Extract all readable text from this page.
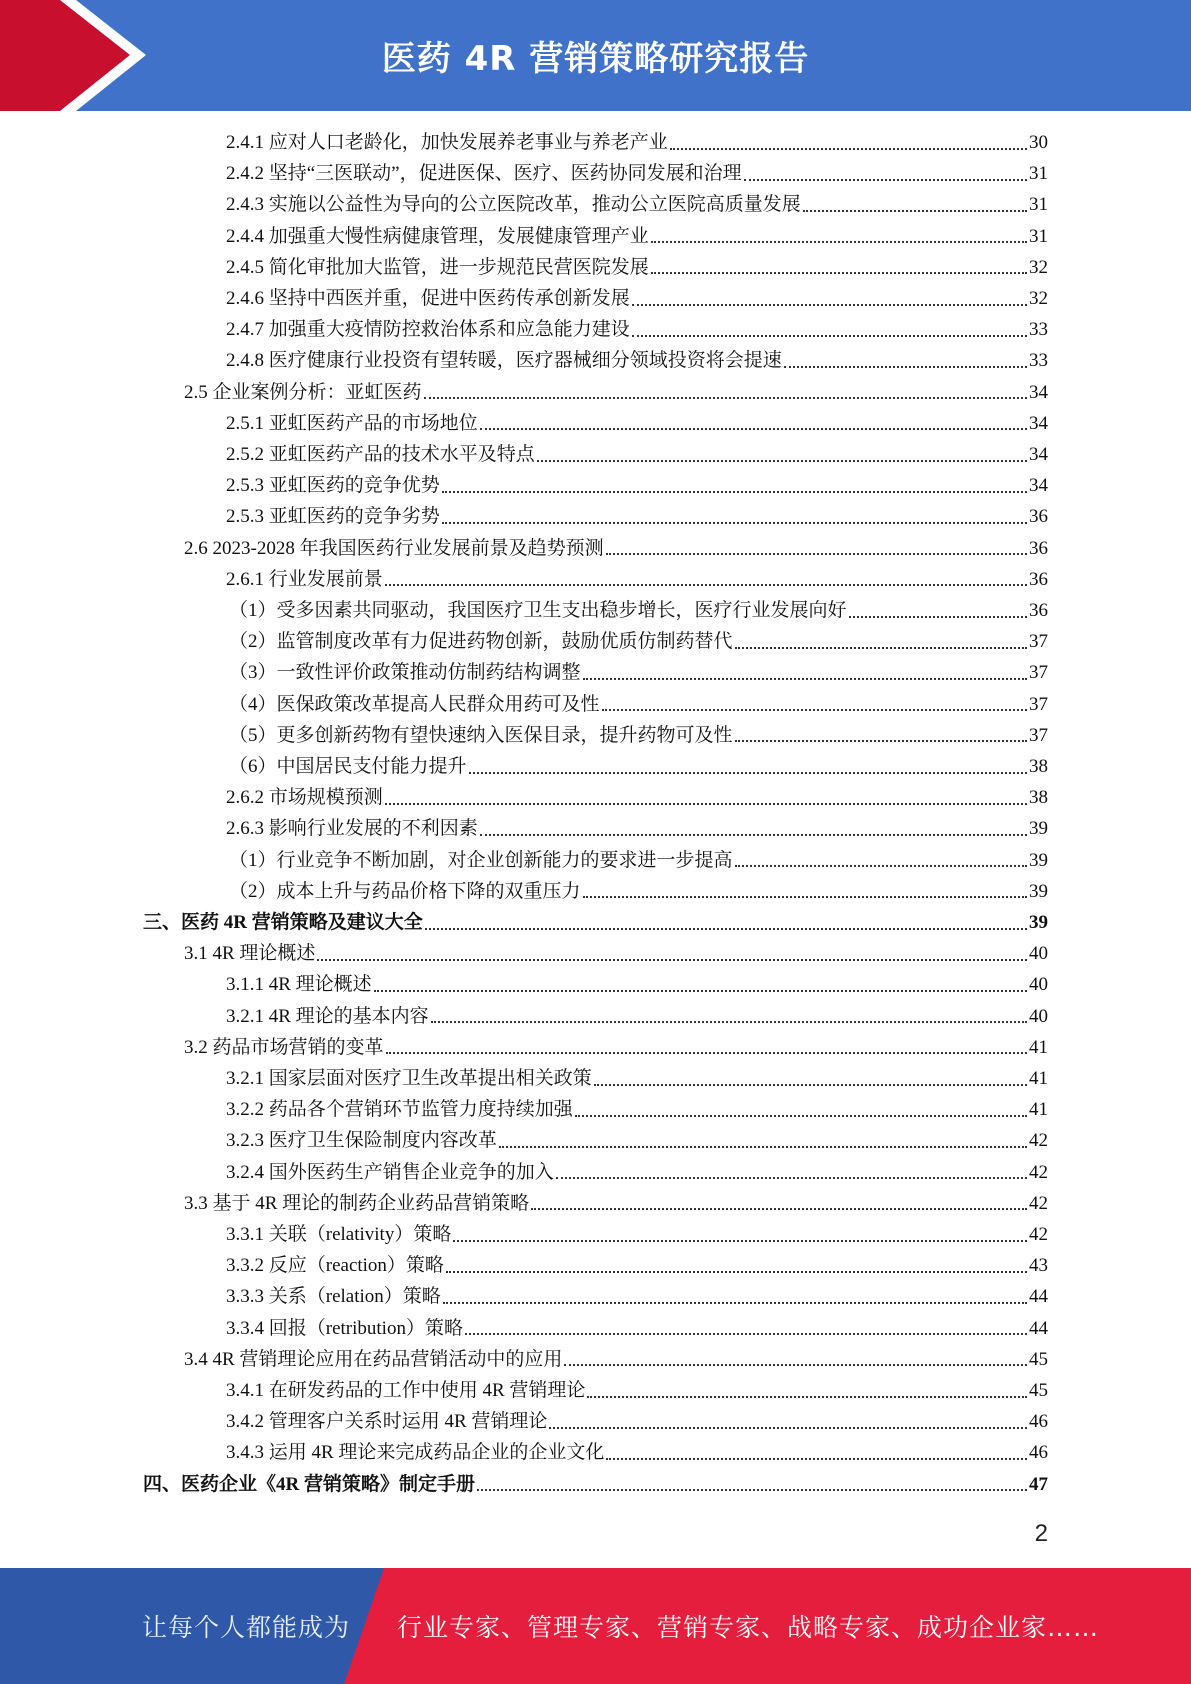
医药 4R 营销策略研究报告
2.4.1 应对人口老龄化，加快发展养老事业与养老产业	30
2.4.2 坚持“三医联动”，促进医保、医疗、医药协同发展和治理	31
2.4.3 实施以公益性为导向的公立医院改革，推动公立医院高质量发展	31
2.4.4 加强重大慢性病健康管理，发展健康管理产业	31
2.4.5 简化审批加大监管，进一步规范民营医院发展	32
2.4.6 坚持中西医并重，促进中医药传承创新发展	32
2.4.7 加强重大疫情防控救治体系和应急能力建设	33
2.4.8 医疗健康行业投资有望转暖，医疗器械细分领域投资将会提速	33
2.5 企业案例分析：亚虹医药	34
2.5.1 亚虹医药产品的市场地位	34
2.5.2 亚虹医药产品的技术水平及特点	34
2.5.3 亚虹医药的竞争优势	34
2.5.3 亚虹医药的竞争劣势	36
2.6 2023-2028 年我国医药行业发展前景及趋势预测	36
2.6.1 行业发展前景	36
（1）受多因素共同驱动，我国医疗卫生支出稳步增长，医疗行业发展向好	36
（2）监管制度改革有力促进药物创新，鼓励优质仿制药替代	37
（3）一致性评价政策推动仿制药结构调整	37
（4）医保政策改革提高人民群众用药可及性	37
（5）更多创新药物有望快速纳入医保目录，提升药物可及性	37
（6）中国居民支付能力提升	38
2.6.2 市场规模预测	38
2.6.3 影响行业发展的不利因素	39
（1）行业竞争不断加剧，对企业创新能力的要求进一步提高	39
（2）成本上升与药品价格下降的双重压力	39
三、医药 4R 营销策略及建议大全	39
3.1 4R 理论概述	40
3.1.1 4R 理论概述	40
3.2.1 4R 理论的基本内容	40
3.2 药品市场营销的变革	41
3.2.1 国家层面对医疗卫生改革提出相关政策	41
3.2.2 药品各个营销环节监管力度持续加强	41
3.2.3 医疗卫生保险制度内容改革	42
3.2.4 国外医药生产销售企业竞争的加入	42
3.3 基于 4R 理论的制药企业药品营销策略	42
3.3.1 关联（relativity）策略	42
3.3.2 反应（reaction）策略	43
3.3.3 关系（relation）策略	44
3.3.4 回报（retribution）策略	44
3.4 4R 营销理论应用在药品营销活动中的应用	45
3.4.1 在研发药品的工作中使用 4R 营销理论	45
3.4.2 管理客户关系时运用 4R 营销理论	46
3.4.3 运用 4R 理论来完成药品企业的企业文化	46
四、医药企业《4R 营销策略》制定手册	47
2
让每个人都能成为 行业专家、管理专家、营销专家、战略专家、成功企业家……
